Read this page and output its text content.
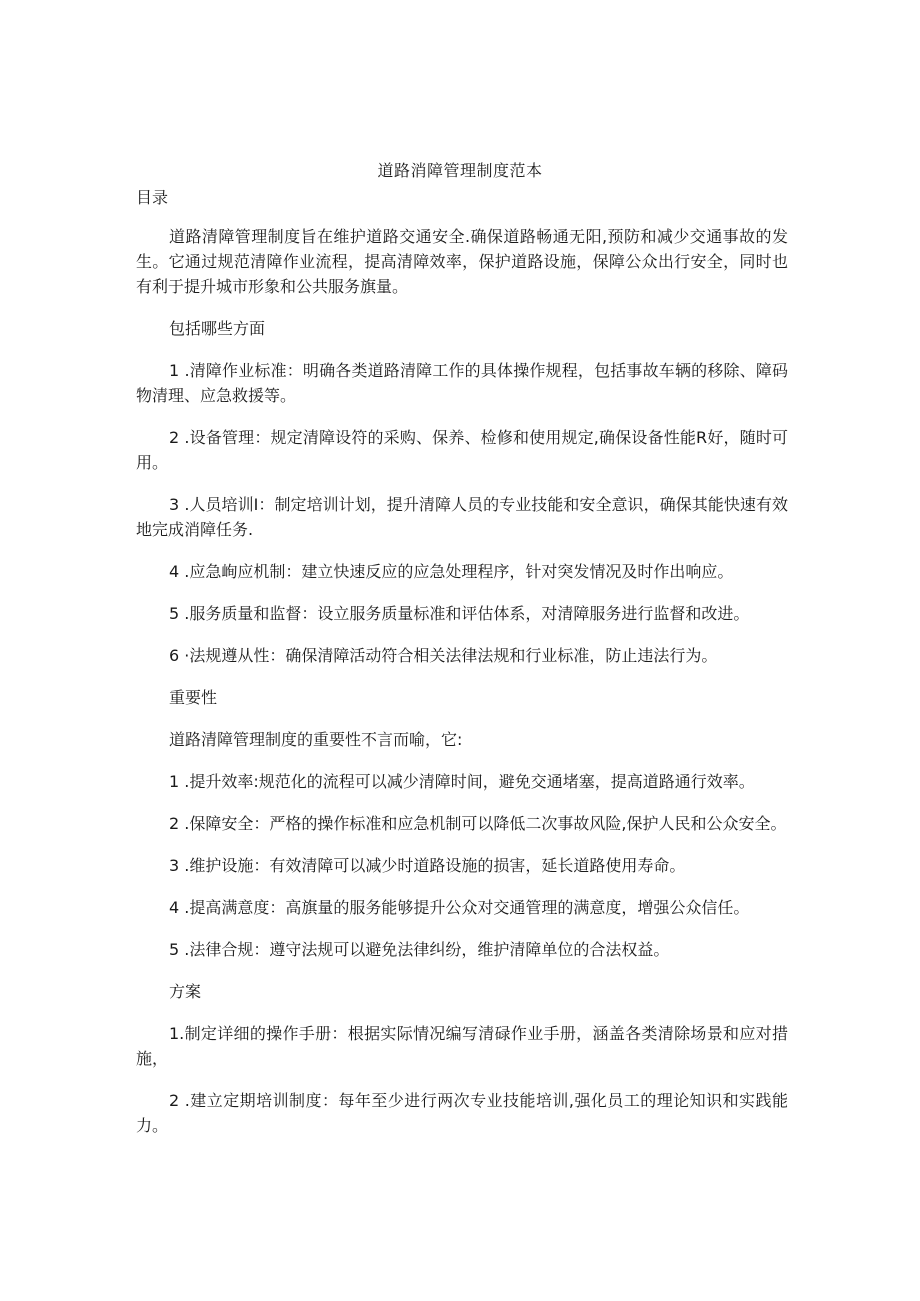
道路消障管理制度范本
目录

道路清障管理制度旨在维护道路交通安全.确保道路畅通无阳,预防和减少交通事故的发生。它通过规范清障作业流程，提高清障效率，保护道路设施，保障公众出行安全，同时也有利于提升城市形象和公共服务旗量。

包括哪些方面

1 .清障作业标准：明确各类道路清障工作的具体操作规程，包括事故车辆的移除、障码物清理、应急救援等。

2 .设备管理：规定清障设符的采购、保养、检修和使用规定,确保设备性能R好，随时可用。

3 .人员培训I：制定培训计划，提升清障人员的专业技能和安全意识，确保其能快速有效地完成消障任务.

4 .应急峋应机制：建立快速反应的应急处理程序，针对突发情况及时作出响应。

5 .服务质量和监督：设立服务质量标准和评估体系，对清障服务进行监督和改进。

6 ·法规遵从性：确保清障活动符合相关法律法规和行业标准，防止违法行为。

重要性

道路清障管理制度的重要性不言而喻，它:

1 .提升效率:规范化的流程可以减少清障时间，避免交通堵塞，提高道路通行效率。

2 .保障安全：严格的操作标准和应急机制可以降低二次事故风险,保护人民和公众安全。

3 .维护设施：有效清障可以减少时道路设施的损害，延长道路使用寿命。

4 .提高满意度：高旗量的服务能够提升公众对交通管理的满意度，增强公众信任。

5 .法律合规：遵守法规可以避免法律纠纷，维护清障单位的合法权益。

方案

1.制定详细的操作手册：根据实际情况编写清碌作业手册，涵盖各类清除场景和应对措施，

2 .建立定期培训制度：每年至少进行两次专业技能培训,强化员工的理论知识和实践能力。
